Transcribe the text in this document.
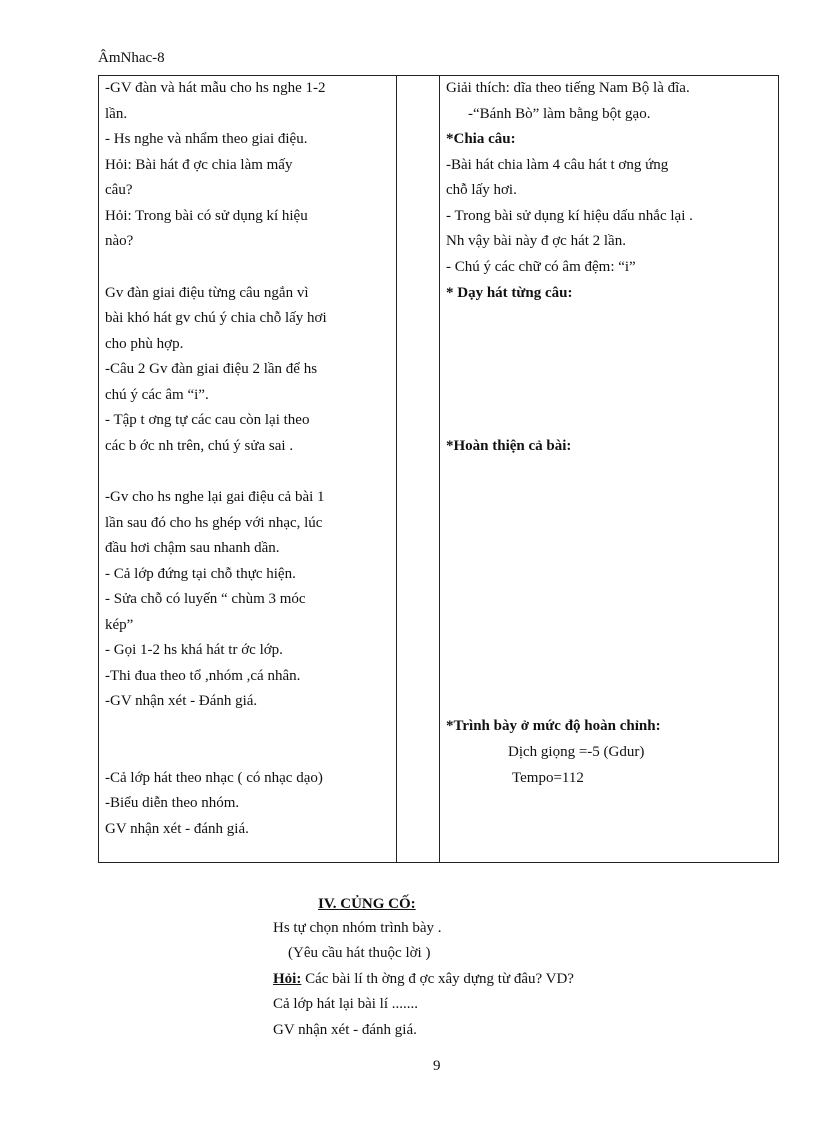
ÂmNhac-8
-GV đàn và hát mẫu cho hs nghe 1-2
lần.
- Hs nghe và nhẩm theo giai điệu.
Hỏi: Bài hát đ ợc chia làm mấy
câu?
Hỏi: Trong bài có sử dụng kí hiệu
nào?
Gv đàn giai điệu từng câu ngắn vì
bài khó hát gv chú ý chia chỗ lấy hơi
cho phù hợp.
-Câu 2 Gv đàn giai điệu 2 lần để hs
chú ý các âm “i”.
- Tập t ơng tự các cau còn lại theo
các b ớc nh trên, chú ý sửa sai .
-Gv cho hs nghe lại gai điệu cả bài 1
lần sau đó cho hs ghép với nhạc, lúc
đầu hơi chậm sau nhanh dần.
- Cả lớp đứng tại chỗ thực hiện.
- Sửa chỗ có luyến “ chùm 3 móc
kép”
- Gọi 1-2 hs khá hát tr ớc lớp.
-Thi đua theo tổ ,nhóm ,cá nhân.
-GV nhận xét - Đánh giá.
-Cả lớp hát theo nhạc ( có nhạc dạo)
-Biểu diễn theo nhóm.
GV nhận xét - đánh giá.
Giải thích: dĩa theo tiếng Nam Bộ là đĩa.
-“Bánh Bò” làm bằng bột gạo.
*Chia câu:
-Bài hát chia làm 4 câu hát t ơng ứng
chỗ lấy hơi.
- Trong bài sử dụng kí hiệu dấu nhắc lại .
Nh vậy bài này đ ợc hát 2 lần.
- Chú ý các chữ có âm đệm: “i”
* Dạy hát từng câu:
*Hoàn thiện cả bài:
*Trình bày ở mức độ hoàn chỉnh:
Dịch giọng =-5 (Gdur)
Tempo=112
IV. CỦNG CỐ:
Hs tự chọn nhóm trình bày .
(Yêu cầu hát thuộc lời )
Hỏi: Các bài lí th ờng đ ợc xây dựng từ đâu? VD?
Cả lớp hát lại bài lí .......
GV nhận xét - đánh giá.
9
